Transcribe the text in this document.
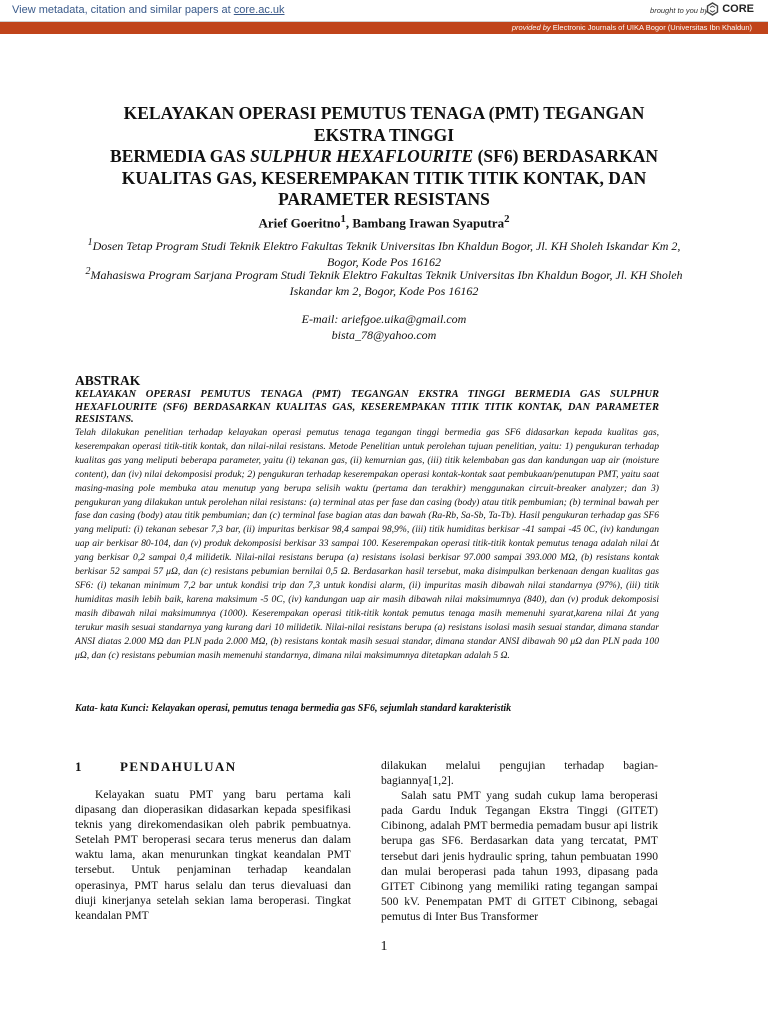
View metadata, citation and similar papers at core.ac.uk	brought to you by CORE
provided by Electronic Journals of UIKA Bogor (Universitas Ibn Khaldun)
KELAYAKAN OPERASI PEMUTUS TENAGA (PMT) TEGANGAN
EKSTRA TINGGI
BERMEDIA GAS SULPHUR HEXAFLOURITE (SF6) BERDASARKAN
KUALITAS GAS, KESEREMPAKAN TITIK TITIK KONTAK, DAN
PARAMETER RESISTANS
Arief Goeritno$^1$, Bambang Irawan Syaputra$^2$
$^1$Dosen Tetap Program Studi Teknik Elektro Fakultas Teknik Universitas Ibn Khaldun Bogor, Jl. KH Sholeh Iskandar Km 2, Bogor, Kode Pos 16162
$^2$Mahasiswa Program Sarjana Program Studi Teknik Elektro Fakultas Teknik Universitas Ibn Khaldun Bogor, Jl. KH Sholeh Iskandar km 2, Bogor, Kode Pos 16162
E-mail: ariefgoe.uika@gmail.com
bista_78@yahoo.com
ABSTRAK
KELAYAKAN OPERASI PEMUTUS TENAGA (PMT) TEGANGAN EKSTRA TINGGI BERMEDIA GAS SULPHUR HEXAFLOURITE (SF6) BERDASARKAN KUALITAS GAS, KESEREMPAKAN TITIK TITIK KONTAK, DAN PARAMETER RESISTANS.
Telah dilakukan penelitian terhadap kelayakan operasi pemutus tenaga tegangan tinggi bermedia gas SF6 didasarkan kepada kualitas gas, keserempakan operasi titik-titik kontak, dan nilai-nilai resistans. Metode Penelitian untuk perolehan tujuan penelitian, yaitu: 1) pengukuran terhadap kualitas gas yang meliputi beberapa parameter, yaitu (i) tekanan gas, (ii) kemurnian gas, (iii) titik kelembaban gas dan kandungan uap air (moisture content), dan (iv) nilai dekomposisi produk; 2) pengukuran terhadap keserempakan operasi kontak-kontak saat pembukaan/penutupan PMT, yaitu saat masing-masing pole membuka atau menutup yang berupa selisih waktu (pertama dan terakhir) menggunakan circuit-breaker analyzer; dan 3) pengukuran yang dilakukan untuk perolehan nilai resistans: (a) terminal atas per fase dan casing (body) atau titik pembumian; (b) terminal bawah per fase dan casing (body) atau titik pembumian; dan (c) terminal fase bagian atas dan bawah (Ra-Rb, Sa-Sb, Ta-Tb). Hasil pengukuran terhadap gas SF6 yang meliputi: (i) tekanan sebesar 7,3 bar, (ii) impuritas berkisar 98,4 sampai 98,9%, (iii) titik humiditas berkisar -41 sampai -45 0C, (iv) kandungan uap air berkisar 80-104, dan (v) produk dekomposisi berkisar 33 sampai 100. Keserempakan operasi titik-titik kontak pemutus tenaga adalah nilai Δt yang berkisar 0,2 sampai 0,4 milidetik. Nilai-nilai resistans berupa (a) resistans isolasi berkisar 97.000 sampai 393.000 MΩ, (b) resistans kontak berkisar 52 sampai 57 μΩ, dan (c) resistans pebumian bernilai 0,5 Ω. Berdasarkan hasil tersebut, maka disimpulkan berkenaan dengan kualitas gas SF6: (i) tekanan minimum 7,2 bar untuk kondisi trip dan 7,3 untuk kondisi alarm, (ii) impuritas masih dibawah nilai standarnya (97%), (iii) titik humiditas masih lebih baik, karena maksimum -5 0C, (iv) kandungan uap air masih dibawah nilai maksimumnya (840), dan (v) produk dekomposisi masih dibawah nilai maksimumnya (1000). Keserempakan operasi titik-titik kontak pemutus tenaga masih memenuhi syarat,karena nilai Δt yang terukur masih sesuai standarnya yang kurang dari 10 milidetik. Nilai-nilai resistans berupa (a) resistans isolasi masih sesuai standar, dimana standar ANSI diatas 2.000 MΩ dan PLN pada 2.000 MΩ, (b) resistans kontak masih sesuai standar, dimana standar ANSI dibawah 90 μΩ dan PLN pada 100 μΩ, dan (c) resistans pebumian masih memenuhi standarnya, dimana nilai maksimumnya ditetapkan adalah 5 Ω.
Kata- kata Kunci: Kelayakan operasi, pemutus tenaga bermedia gas SF6, sejumlah standard karakteristik
1	PENDAHULUAN
Kelayakan suatu PMT yang baru pertama kali dipasang dan dioperasikan didasarkan kepada spesifikasi teknis yang direkomendasikan oleh pabrik pembuatnya. Setelah PMT beroperasi secara terus menerus dan dalam waktu lama, akan menurunkan tingkat keandalan PMT tersebut. Untuk penjaminan terhadap keandalan operasinya, PMT harus selalu dan terus dievaluasi dan diuji kinerjanya setelah sekian lama beroperasi. Tingkat keandalan PMT
dilakukan melalui pengujian terhadap bagian-bagiannya[1,2].
Salah satu PMT yang sudah cukup lama beroperasi pada Gardu Induk Tegangan Ekstra Tinggi (GITET) Cibinong, adalah PMT bermedia pemadam busur api listrik berupa gas SF6. Berdasarkan data yang tercatat, PMT tersebut dari jenis hydraulic spring, tahun pembuatan 1990 dan mulai beroperasi pada tahun 1993, dipasang pada GITET Cibinong yang memiliki rating tegangan sampai 500 kV. Penempatan PMT di GITET Cibinong, sebagai pemutus di Inter Bus Transformer
1
